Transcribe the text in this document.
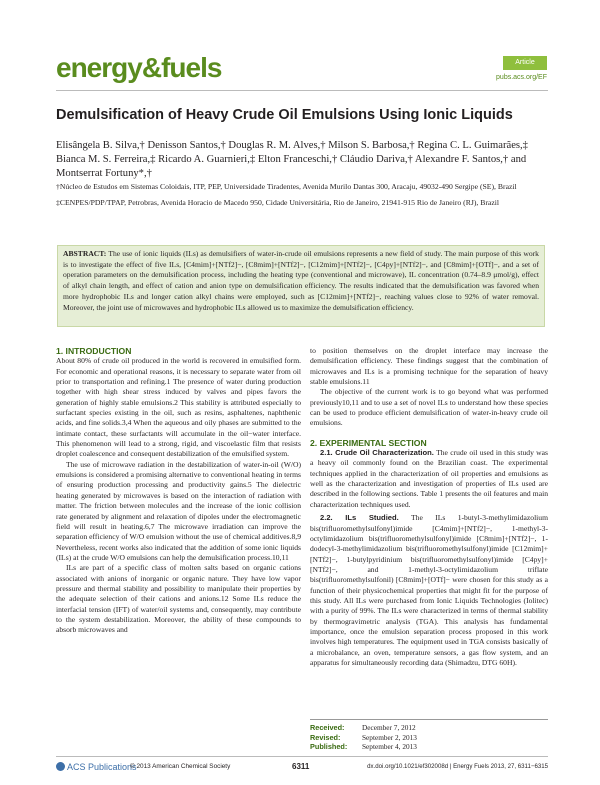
energy&fuels	Article
pubs.acs.org/EF
Demulsification of Heavy Crude Oil Emulsions Using Ionic Liquids
Elisângela B. Silva,† Denisson Santos,† Douglas R. M. Alves,† Milson S. Barbosa,† Regina C. L. Guimarães,‡ Bianca M. S. Ferreira,‡ Ricardo A. Guarnieri,‡ Elton Franceschi,† Cláudio Dariva,† Alexandre F. Santos,† and Montserrat Fortuny*,†

†Núcleo de Estudos em Sistemas Coloidais, ITP, PEP, Universidade Tiradentes, Avenida Murilo Dantas 300, Aracaju, 49032-490 Sergipe (SE), Brazil

‡CENPES/PDP/TPAP, Petrobras, Avenida Horacio de Macedo 950, Cidade Universitária, Rio de Janeiro, 21941-915 Rio de Janeiro (RJ), Brazil

ABSTRACT: The use of ionic liquids (ILs) as demulsifiers of water-in-crude oil emulsions represents a new field of study. The main purpose of this work is to investigate the effect of five ILs, [C4mim]+[NTf2]−, [C8mim]+[NTf2]−, [C12mim]+[NTf2]−, [C4py]+[NTf2]−, and [C8mim]+[OTf]−, and a set of operation parameters on the demulsification process, including the heating type (conventional and microwave), IL concentration (0.74–8.9 μmol/g), effect of alkyl chain length, and effect of cation and anion type on demulsification efficiency. The results indicated that the demulsification was favored when more hydrophobic ILs and longer cation alkyl chains were employed, such as [C12mim]+[NTf2]−, reaching values close to 92% of water removal. Moreover, the joint use of microwaves and hydrophobic ILs allowed us to maximize the demulsification efficiency.

1. INTRODUCTION

About 80% of crude oil produced in the world is recovered in emulsified form. For economic and operational reasons, it is necessary to separate water from oil prior to transportation and refining.1 The presence of water during production together with high shear stress induced by valves and pipes favors the generation of highly stable emulsions.2 This stability is attributed especially to surfactant species existing in the oil, such as resins, asphaltenes, naphthenic acids, and fine solids.3,4 When the aqueous and oily phases are submitted to the intimate contact, these surfactants will accumulate in the oil−water interface. This phenomenon will lead to a strong, rigid, and viscoelastic film that resists droplet coalescence and consequent destabilization of the emulsified system.

The use of microwave radiation in the destabilization of water-in-oil (W/O) emulsions is considered a promising alternative to conventional heating in terms of ensuring production processing and productivity gains.5 The dielectric heating generated by microwaves is based on the interaction of radiation with matter. The friction between molecules and the increase of the ionic collision rate generated by alignment and relaxation of dipoles under the electromagnetic field will result in heating.6,7 The microwave irradiation can improve the separation efficiency of W/O emulsion without the use of chemical additives.8,9 Nevertheless, recent works also indicated that the addition of some ionic liquids (ILs) at the crude W/O emulsions can help the demulsification process.10,11

ILs are part of a specific class of molten salts based on organic cations associated with anions of inorganic or organic nature. They have low vapor pressure and thermal stability and possibility to manipulate their properties by the adequate selection of their cations and anions.12 Some ILs reduce the interfacial tension (IFT) of water/oil systems and, consequently, may contribute to the system destabilization. Moreover, the ability of these compounds to absorb microwaves and

to position themselves on the droplet interface may increase the demulsification efficiency. These findings suggest that the combination of microwaves and ILs is a promising technique for the separation of heavy stable emulsions.11

The objective of the current work is to go beyond what was performed previously10,11 and to use a set of novel ILs to understand how these species can be used to produce efficient demulsification of water-in-heavy crude oil emulsions.

2. EXPERIMENTAL SECTION

2.1. Crude Oil Characterization. The crude oil used in this study was a heavy oil commonly found on the Brazilian coast. The experimental techniques applied in the characterization of oil properties and emulsions as well as the characterization and investigation of properties of ILs used are described in the following sections. Table 1 presents the oil features and main characterization techniques used.

2.2. ILs Studied. The ILs 1-butyl-3-methylimidazolium bis(trifluoromethylsulfonyl)imide [C4mim]+[NTf2]−, 1-methyl-3-octylimidazolium bis(trifluoromethylsulfonyl)imide [C8mim]+[NTf2]−, 1-dodecyl-3-methylimidazolium bis(trifluoromethylsulfonyl)imide [C12mim]+[NTf2]−, 1-butylpyridinium bis(trifluoromethylsulfonyl)imide [C4py]+[NTf2]−, and 1-methyl-3-octylimidazolium triflate bis(trifluoromethylsulfonil) [C8mim]+[OTf]− were chosen for this study as a function of their physicochemical properties that might fit for the purpose of this study. All ILs were purchased from Ionic Liquids Technologies (Iolitec) with a purity of 99%. The ILs were characterized in terms of thermal stability by thermogravimetric analysis (TGA). This analysis has fundamental importance, once the emulsion separation process proposed in this work involves high temperatures. The equipment used in TGA consists basically of a microbalance, an oven, temperature sensors, a gas flow system, and an apparatus for simultaneously recording data (Shimadzu, DTG 60H).

Received: December 7, 2012
Revised:	September 2, 2013
Published: September 4, 2013
ACS Publications
© 2013 American Chemical Society	6311	dx.doi.org/10.1021/ef302008d | Energy Fuels 2013, 27, 6311−6315
